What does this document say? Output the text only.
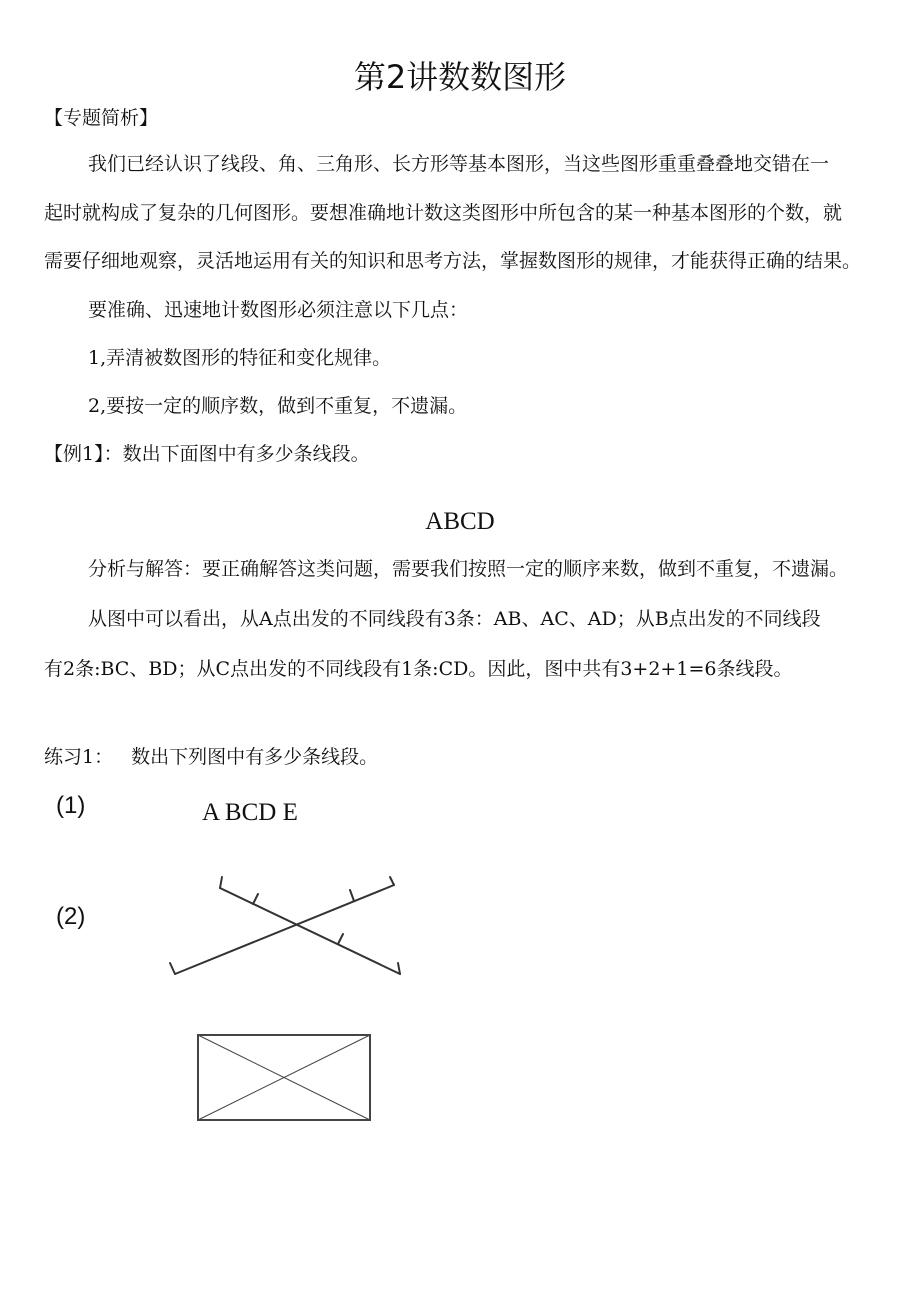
第2讲数数图形
【专题简析】
我们已经认识了线段、角、三角形、长方形等基本图形，当这些图形重重叠叠地交错在一
起时就构成了复杂的几何图形。要想准确地计数这类图形中所包含的某一种基本图形的个数，就
需要仔细地观察，灵活地运用有关的知识和思考方法，掌握数图形的规律，才能获得正确的结果。
要准确、迅速地计数图形必须注意以下几点：
1,弄清被数图形的特征和变化规律。
2,要按一定的顺序数，做到不重复，不遗漏。
【例1】：数出下面图中有多少条线段。
ABCD
分析与解答：要正确解答这类问题，需要我们按照一定的顺序来数，做到不重复，不遗漏。
从图中可以看出，从A点出发的不同线段有3条：AB、AC、AD；从B点出发的不同线段
有2条:BC、BD；从C点出发的不同线段有1条:CD。因此，图中共有3+2+1=6条线段。
练习1： 数出下列图中有多少条线段。
(1)	A BCD E
(2)
